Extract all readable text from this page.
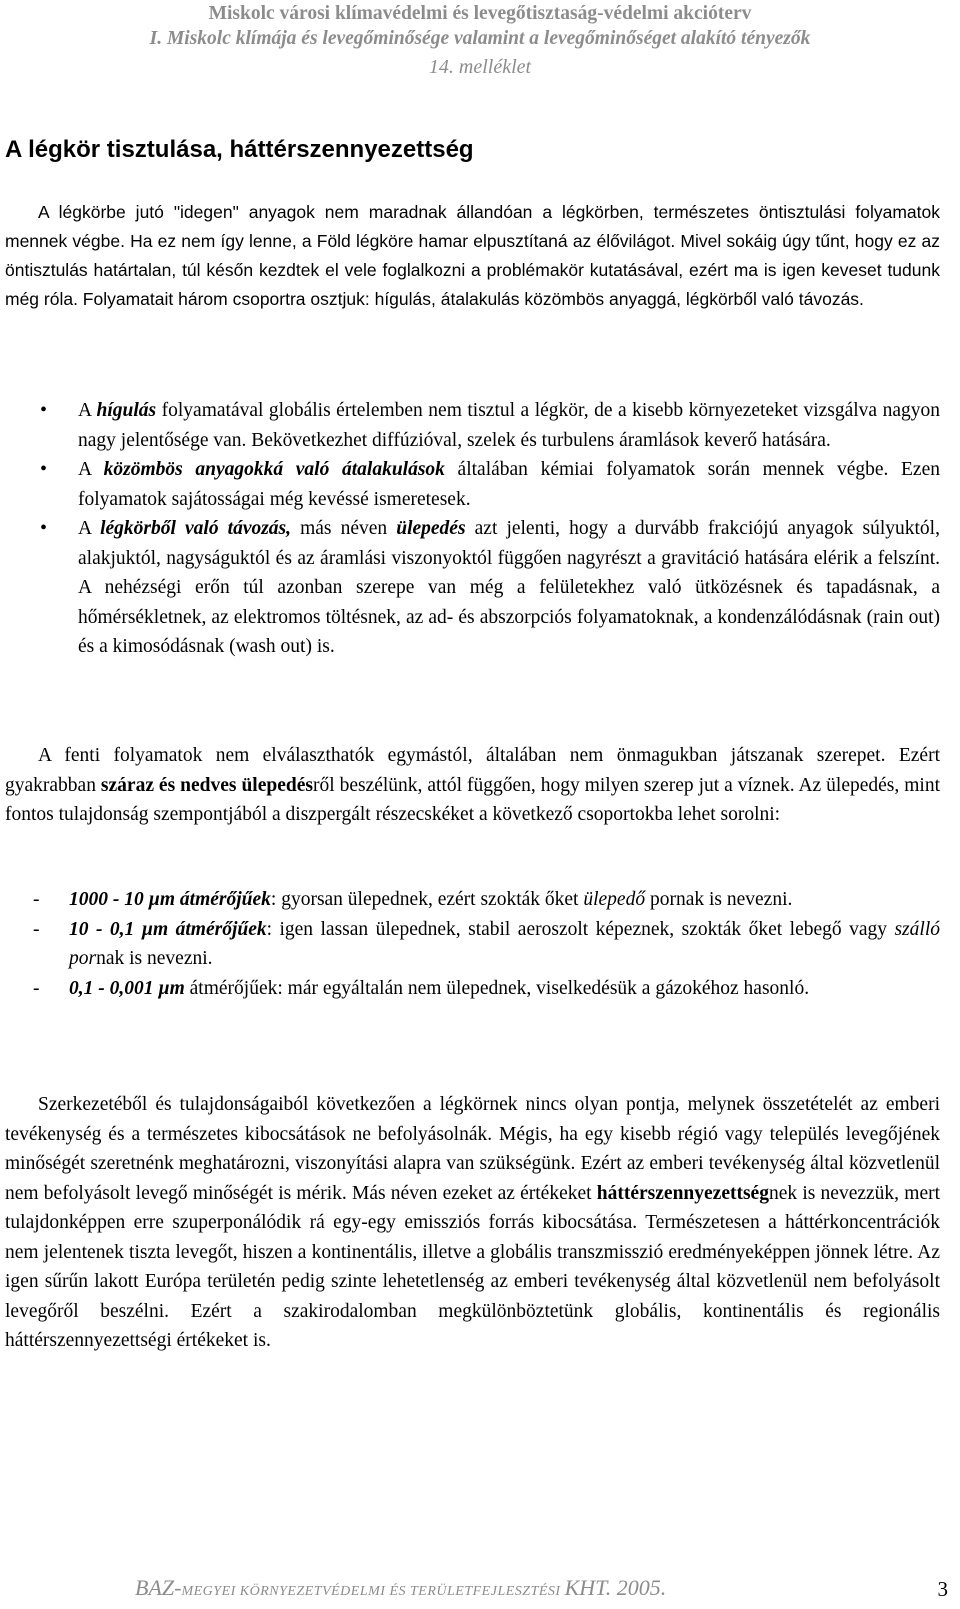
Miskolc városi klímavédelmi és levegőtisztaság-védelmi akcióterv
I. Miskolc klímája és levegőminősége valamint a levegőminőséget alakító tényezők
14. melléklet
A légkör tisztulása, háttérszennyezettség
A légkörbe jutó "idegen" anyagok nem maradnak állandóan a légkörben, természetes öntisztulási folyamatok mennek végbe. Ha ez nem így lenne, a Föld légköre hamar elpusztítaná az élővilágot. Mivel sokáig úgy tűnt, hogy ez az öntisztulás határtalan, túl későn kezdtek el vele foglalkozni a problémakör kutatásával, ezért ma is igen keveset tudunk még róla. Folyamatait három csoportra osztjuk: hígulás, átalakulás közömbös anyaggá, légkörből való távozás.
• A hígulás folyamatával globális értelemben nem tisztul a légkör, de a kisebb környezeteket vizsgálva nagyon nagy jelentősége van. Bekövetkezhet diffúzióval, szelek és turbulens áramlások keverő hatására.
• A közömbös anyagokká való átalakulások általában kémiai folyamatok során mennek végbe. Ezen folyamatok sajátosságai még kevéssé ismeretesek.
• A légkörből való távozás, más néven ülepedés azt jelenti, hogy a durvább frakciójú anyagok súlyuktól, alakjuktól, nagyságuktól és az áramlási viszonyoktól függően nagyrészt a gravitáció hatására elérik a felszínt. A nehézségi erőn túl azonban szerepe van még a felületekhez való ütközésnek és tapadásnak, a hőmérsékletnek, az elektromos töltésnek, az ad- és abszorpciós folyamatoknak, a kondenzálódásnak (rain out) és a kimosódásnak (wash out) is.
A fenti folyamatok nem elválaszthatók egymástól, általában nem önmagukban játszanak szerepet. Ezért gyakrabban száraz és nedves ülepedésről beszélünk, attól függően, hogy milyen szerep jut a víznek. Az ülepedés, mint fontos tulajdonság szempontjából a diszpergált részecskéket a következő csoportokba lehet sorolni:
- 1000 - 10 µm átmérőjűek: gyorsan ülepednek, ezért szokták őket ülepedő pornak is nevezni.
- 10 - 0,1 µm átmérőjűek: igen lassan ülepednek, stabil aeroszolt képeznek, szokták őket lebegő vagy szálló pornak is nevezni.
- 0,1 - 0,001 µm átmérőjűek: már egyáltalán nem ülepednek, viselkedésük a gázokéhoz hasonló.
Szerkezetéből és tulajdonságaiból következően a légkörnek nincs olyan pontja, melynek összetételét az emberi tevékenység és a természetes kibocsátások ne befolyásolnák. Mégis, ha egy kisebb régió vagy település levegőjének minőségét szeretnénk meghatározni, viszonyítási alapra van szükségünk. Ezért az emberi tevékenység által közvetlenül nem befolyásolt levegő minőségét is mérik. Más néven ezeket az értékeket háttérszennyezettségnek is nevezzük, mert tulajdonképpen erre szuperponálódik rá egy-egy emissziós forrás kibocsátása. Természetesen a háttérkoncentrációk nem jelentenek tiszta levegőt, hiszen a kontinentális, illetve a globális transzmisszió eredményeképpen jönnek létre. Az igen sűrűn lakott Európa területén pedig szinte lehetetlenség az emberi tevékenység által közvetlenül nem befolyásolt levegőről beszélni. Ezért a szakirodalomban megkülönböztetünk globális, kontinentális és regionális háttérszennyezettségi értékeket is.
BAZ-MEGYEI KÖRNYEZETVÉDELMI ÉS TERÜLETFEJLESZTÉSI KHT. 2005.	3
